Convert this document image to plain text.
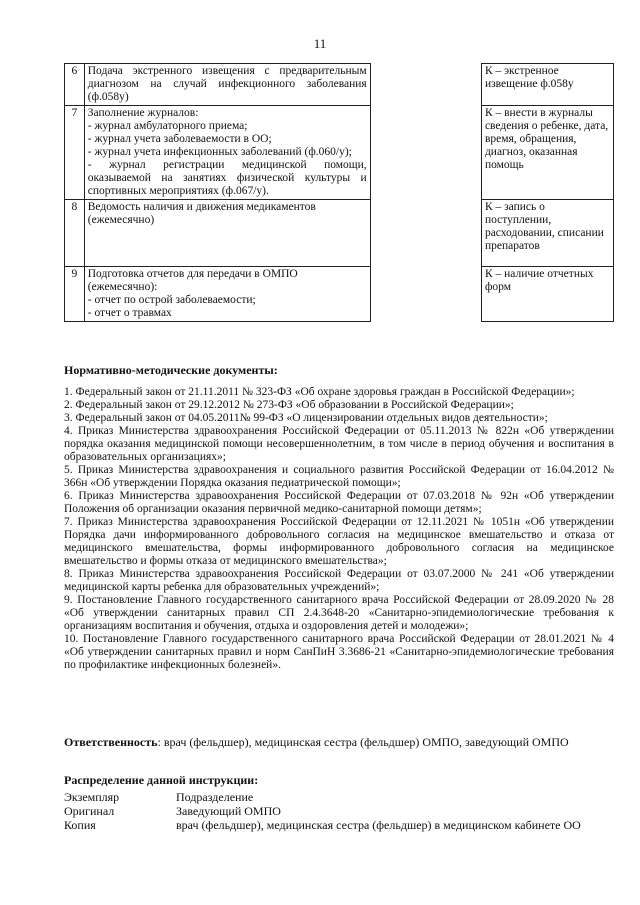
11
6	Подача экстренного извещения с предварительным диагнозом на случай инфекционного заболевания (ф.058у)		К – экстренное извещение ф.058у
7	Заполнение журналов:
- журнал амбулаторного приема;
- журнал учета заболеваемости в ОО;
- журнал учета инфекционных заболеваний (ф.060/у);
- журнал регистрации медицинской помощи, оказываемой на занятиях физической культуры и спортивных мероприятиях (ф.067/у).		К – внести в журналы сведения о ребенке, дата, время, обращения, диагноз, оказанная помощь
8	Ведомость наличия и движения медикаментов (ежемесячно)		К – запись о поступлении, расходовании, списании препаратов
9	Подготовка отчетов для передачи в ОМПО (ежемесячно):
- отчет по острой заболеваемости;
- отчет о травмах		К – наличие отчетных форм
Нормативно-методические документы:

1. Федеральный закон от 21.11.2011 № 323-ФЗ «Об охране здоровья граждан в Российской Федерации»;

2. Федеральный закон от 29.12.2012 № 273-ФЗ «Об образовании в Российской Федерации»;

3. Федеральный закон от 04.05.2011№ 99-ФЗ «О лицензировании отдельных видов деятельности»;

4. Приказ Министерства здравоохранения Российской Федерации от 05.11.2013 № 822н «Об утверждении порядка оказания медицинской помощи несовершеннолетним, в том числе в период обучения и воспитания в образовательных организациях»;

5. Приказ Министерства здравоохранения и социального развития Российской Федерации от 16.04.2012 № 366н «Об утверждении Порядка оказания педиатрической помощи»;

6. Приказ Министерства здравоохранения Российской Федерации от 07.03.2018 № 92н «Об утверждении Положения об организации оказания первичной медико-санитарной помощи детям»;

7. Приказ Министерства здравоохранения Российской Федерации от 12.11.2021 № 1051н «Об утверждении Порядка дачи информированного добровольного согласия на медицинское вмешательство и отказа от медицинского вмешательства, формы информированного добровольного согласия на медицинское вмешательство и формы отказа от медицинского вмешательства»;

8. Приказ Министерства здравоохранения Российской Федерации от 03.07.2000 № 241 «Об утверждении медицинской карты ребенка для образовательных учреждений»;

9. Постановление Главного государственного санитарного врача Российской Федерации от 28.09.2020 № 28 «Об утверждении санитарных правил СП 2.4.3648-20 «Санитарно-эпидемиологические требования к организациям воспитания и обучения, отдыха и оздоровления детей и молодежи»;

10. Постановление Главного государственного санитарного врача Российской Федерации от 28.01.2021 № 4 «Об утверждении санитарных правил и норм СанПиН 3.3686-21 «Санитарно-эпидемиологические требования по профилактике инфекционных болезней».

Ответственность: врач (фельдшер), медицинская сестра (фельдшер) ОМПО, заведующий ОМПО
Распределение данной инструкции:
Экземпляр	Подразделение
Оригинал	Заведующий ОМПО
Копия	врач (фельдшер), медицинская сестра (фельдшер) в медицинском кабинете ОО
